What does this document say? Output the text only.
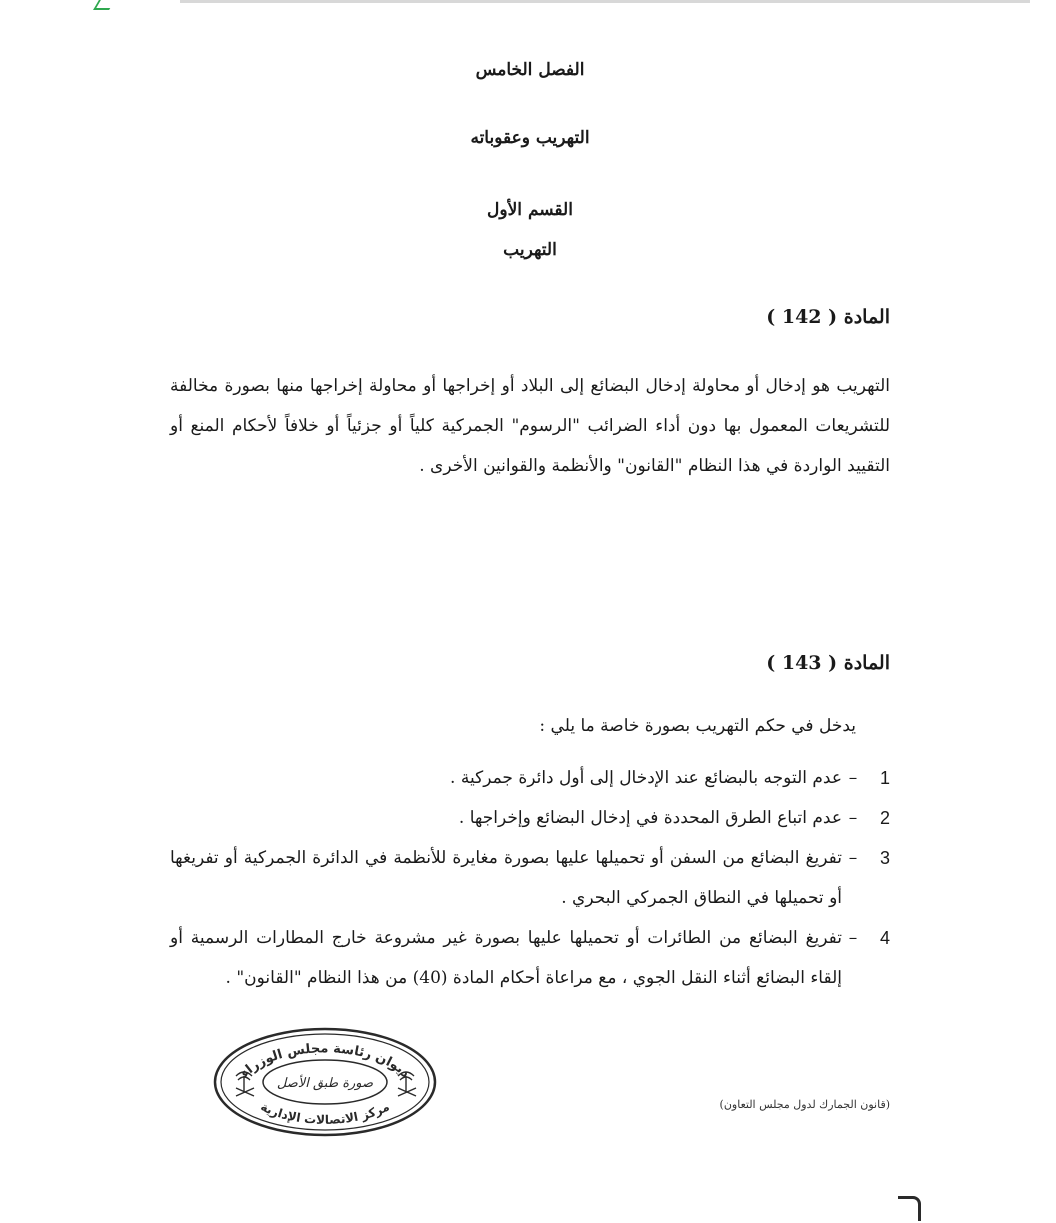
الفصل الخامس
التهريب وعقوباته
القسم الأول
التهريب
المادة ( 142 )
التهريب هو إدخال أو محاولة إدخال البضائع إلى البلاد أو إخراجها أو محاولة إخراجها منها بصورة مخالفة للتشريعات المعمول بها دون أداء الضرائب "الرسوم" الجمركية كلياً أو جزئياً أو خلافاً لأحكام المنع أو التقييد الواردة في هذا النظام "القانون" والأنظمة والقوانين الأخرى .
المادة ( 143 )
يدخل في حكم التهريب بصورة خاصة ما يلي :
1
–
عدم التوجه بالبضائع عند الإدخال إلى أول دائرة جمركية .
2
–
عدم اتباع الطرق المحددة في إدخال البضائع وإخراجها .
3
–
تفريغ البضائع من السفن أو تحميلها عليها بصورة مغايرة للأنظمة في الدائرة الجمركية أو تفريغها أو تحميلها في النطاق الجمركي البحري .
4
–
تفريغ البضائع من الطائرات أو تحميلها عليها بصورة غير مشروعة خارج المطارات الرسمية أو إلقاء البضائع أثناء النقل الجوي ، مع مراعاة أحكام المادة (40) من هذا النظام "القانون" .
ديوان رئاسة مجلس الوزراء
مركز الاتصالات الإدارية
صورة طبق الأصل
(قانون الجمارك لدول مجلس التعاون)
